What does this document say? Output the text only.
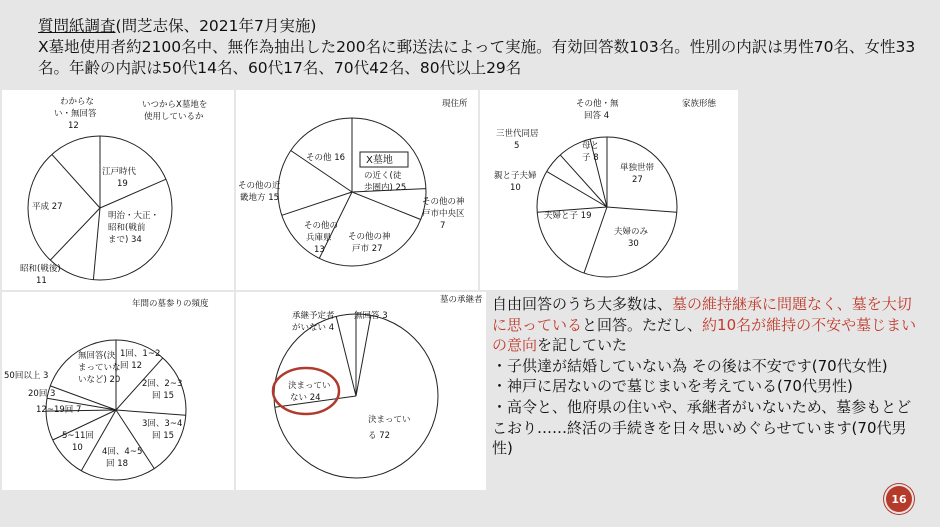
質問紙調査(問芝志保、2021年7月実施)

X墓地使用者約2100名中、無作為抽出した200名に郵送法によって実施。有効回答数103名。性別の内訳は男性70名、女性33名。年齢の内訳は50代14名、60代17名、70代42名、80代以上29名

いつからX墓地を
使用しているか
江戸時代
19
明治・大正・
昭和(戦前
まで) 34
昭和(戦後)
11
平成 27
わからな
い・無回答
12
現住所
X墓地
の近く(徒
歩圏内) 25
その他の神
戸市中央区
7
その他の神
戸市 27
その他の
兵庫県
13
その他の近
畿地方 15
その他 16
家族形態
単独世帯
27
夫婦のみ
30
夫婦と子 19
親と子夫婦
10
三世代同居
5	母と
子 8
その他・無
回答 4
年間の墓参りの頻度
1回、1~2
回 12
2回、2~3
回 15
3回、3~4
回 15
4回、4~5
回 18
5~11回
10
12~19回 7
20回 3
50回以上 3
無回答(決
まっていな
いなど) 20
墓の承継者
決まってい
る 72
決まってい
ない 24
承継予定者
がいない 4
無回答 3

自由回答のうち大多数は、墓の維持継承に問題なく、墓を大切に思っていると回答。ただし、約10名が維持の不安や墓じまいの意向を記していた

・子供達が結婚していない為 その後は不安です(70代女性)

・神戸に居ないので墓じまいを考えている(70代男性)

・高令と、他府県の住いや、承継者がいないため、墓参もとどこおり……終活の手続きを日々思いめぐらせています(70代男性)

16
